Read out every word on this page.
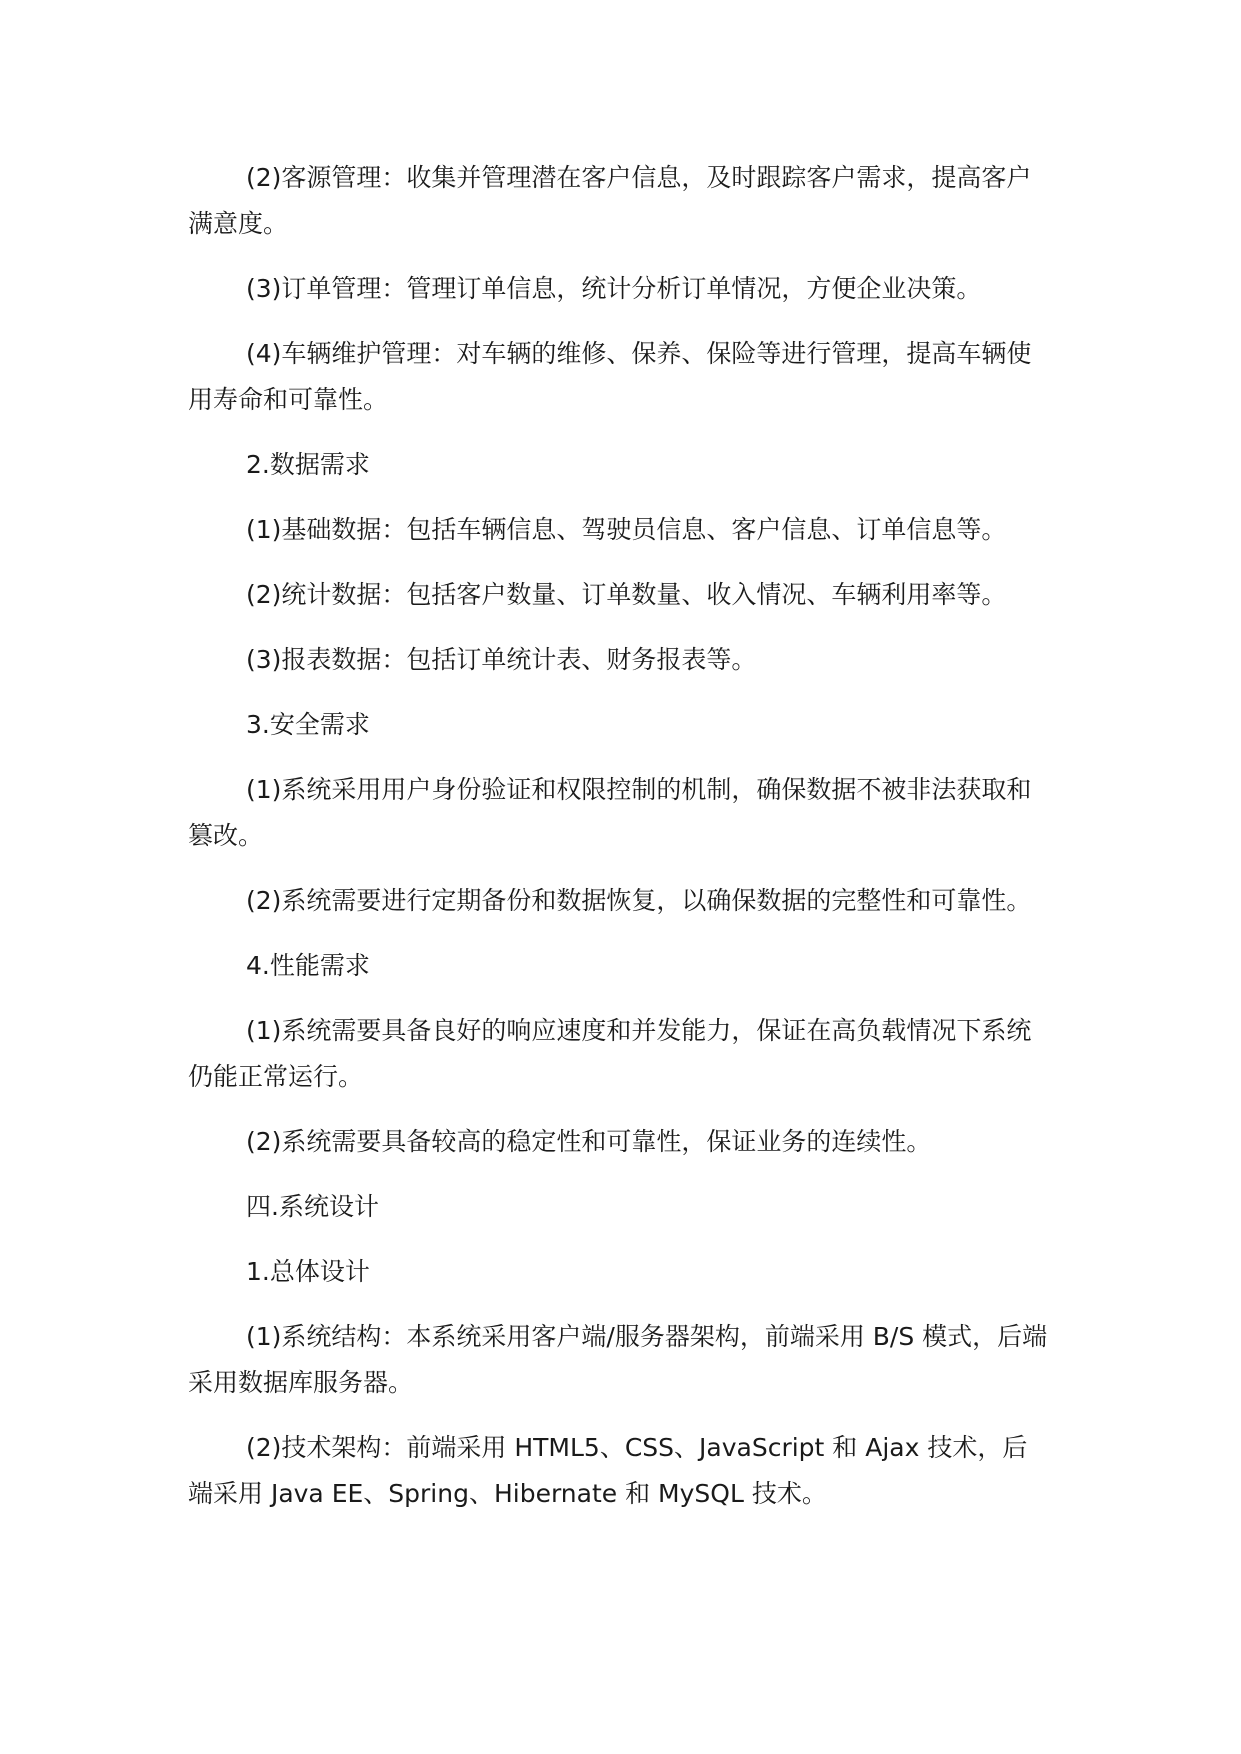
(2)客源管理：收集并管理潜在客户信息，及时跟踪客户需求，提高客户满意度。

(3)订单管理：管理订单信息，统计分析订单情况，方便企业决策。

(4)车辆维护管理：对车辆的维修、保养、保险等进行管理，提高车辆使用寿命和可靠性。

2.数据需求

(1)基础数据：包括车辆信息、驾驶员信息、客户信息、订单信息等。

(2)统计数据：包括客户数量、订单数量、收入情况、车辆利用率等。

(3)报表数据：包括订单统计表、财务报表等。

3.安全需求

(1)系统采用用户身份验证和权限控制的机制，确保数据不被非法获取和篡改。

(2)系统需要进行定期备份和数据恢复，以确保数据的完整性和可靠性。

4.性能需求

(1)系统需要具备良好的响应速度和并发能力，保证在高负载情况下系统仍能正常运行。

(2)系统需要具备较高的稳定性和可靠性，保证业务的连续性。

四.系统设计

1.总体设计

(1)系统结构：本系统采用客户端/服务器架构，前端采用 B/S 模式，后端采用数据库服务器。

(2)技术架构：前端采用 HTML5、CSS、JavaScript 和 Ajax 技术，后端采用 Java EE、Spring、Hibernate 和 MySQL 技术。
